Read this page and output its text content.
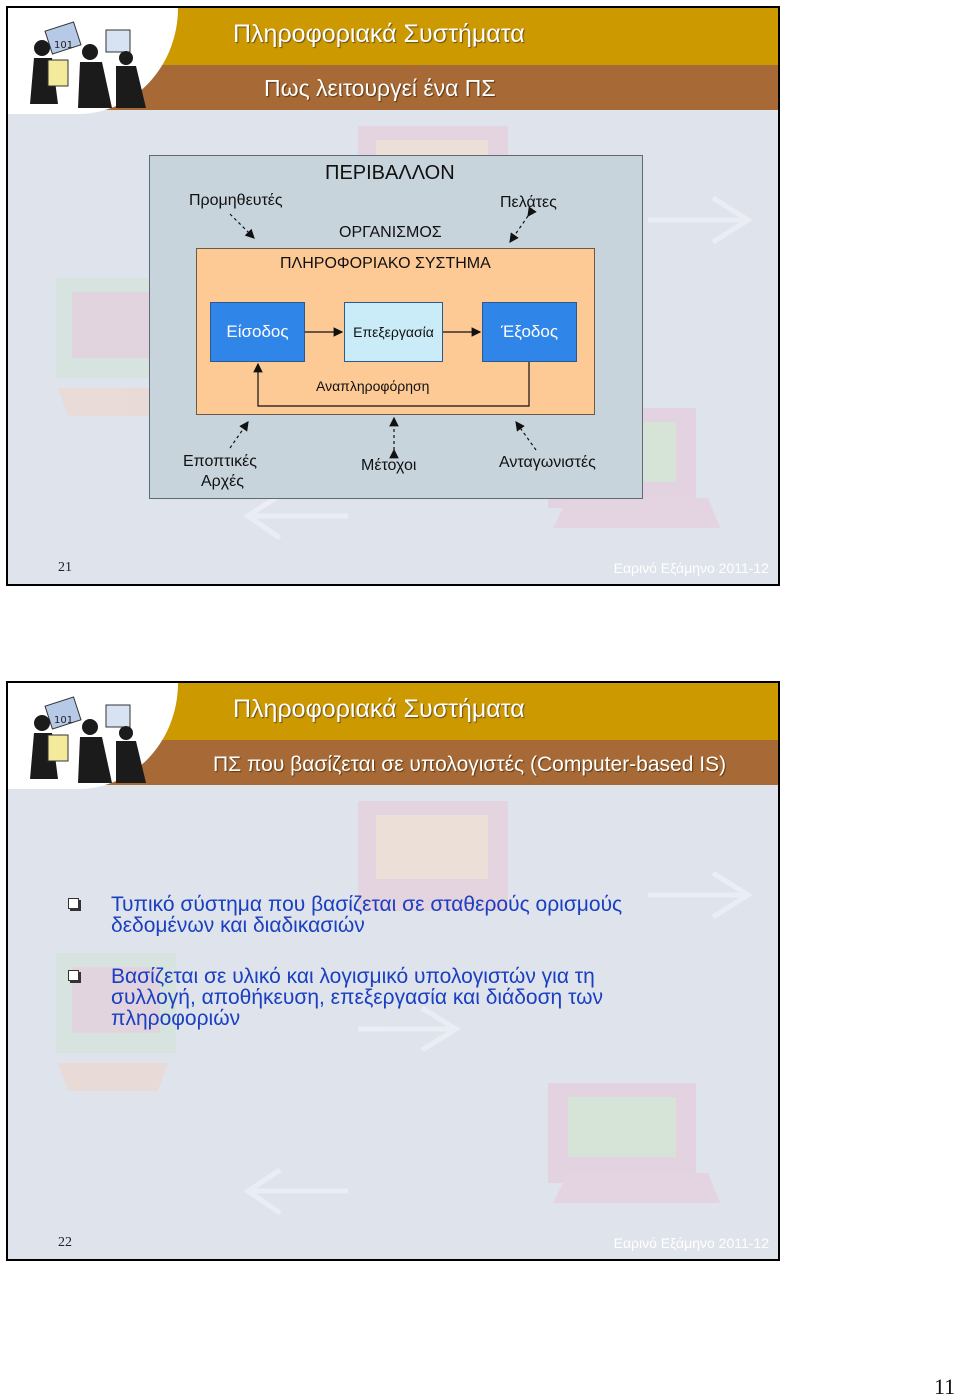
101	Πληροφοριακά Συστήματα
Πως λειτουργεί ένα ΠΣ
ΠΕΡΙΒΑΛΛΟΝ
Προμηθευτές	Πελάτες
ΟΡΓΑΝΙΣΜΟΣ
ΠΛΗΡΟΦΟΡΙΑΚΟ ΣΥΣΤΗΜΑ
Είσοδος	Επεξεργασία	Έξοδος
Αναπληροφόρηση
Εποπτικές
Αρχές
Μέτοχοι	Ανταγωνιστές
21	Εαρινό Εξάμηνο 2011-12
101	Πληροφοριακά Συστήματα
ΠΣ που βασίζεται σε υπολογιστές (Computer-based IS)
Τυπικό σύστημα που βασίζεται σε σταθερούς ορισμούς δεδομένων και διαδικασιών
Βασίζεται σε υλικό και λογισμικό υπολογιστών για τη συλλογή, αποθήκευση, επεξεργασία και διάδοση των πληροφοριών
22	Εαρινό Εξάμηνο 2011-12
11
